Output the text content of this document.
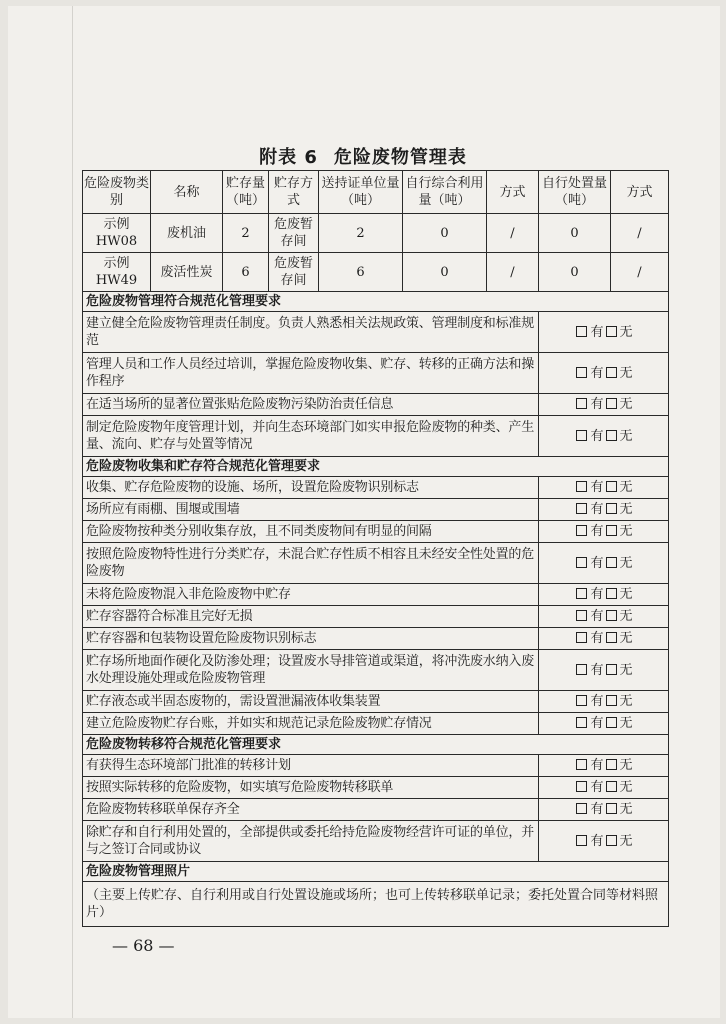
附表 6 危险废物管理表
危险废物类别	名称	贮存量（吨）	贮存方式	送持证单位量（吨）	自行综合利用量（吨）	方式	自行处置量（吨）	方式
示例HW08	废机油	2	危废暂存间	2	0	/	0	/
示例HW49	废活性炭	6	危废暂存间	6	0	/	0	/
危险废物管理符合规范化管理要求								
建立健全危险废物管理责任制度。负责人熟悉相关法规政策、管理制度和标准规范							有 无	
管理人员和工作人员经过培训，掌握危险废物收集、贮存、转移的正确方法和操作程序							有 无	
在适当场所的显著位置张贴危险废物污染防治责任信息							有 无	
制定危险废物年度管理计划，并向生态环境部门如实申报危险废物的种类、产生量、流向、贮存与处置等情况							有 无	
危险废物收集和贮存符合规范化管理要求								
收集、贮存危险废物的设施、场所，设置危险废物识别标志							有 无	
场所应有雨棚、围堰或围墙							有 无	
危险废物按种类分别收集存放，且不同类废物间有明显的间隔							有 无	
按照危险废物特性进行分类贮存，未混合贮存性质不相容且未经安全性处置的危险废物							有 无	
未将危险废物混入非危险废物中贮存							有 无	
贮存容器符合标准且完好无损							有 无	
贮存容器和包装物设置危险废物识别标志							有 无	
贮存场所地面作硬化及防渗处理；设置废水导排管道或渠道，将冲洗废水纳入废水处理设施处理或危险废物管理							有 无	
贮存液态或半固态废物的，需设置泄漏液体收集装置							有 无	
建立危险废物贮存台账，并如实和规范记录危险废物贮存情况							有 无	
危险废物转移符合规范化管理要求								
有获得生态环境部门批准的转移计划							有 无	
按照实际转移的危险废物，如实填写危险废物转移联单							有 无	
危险废物转移联单保存齐全							有 无	
除贮存和自行利用处置的，全部提供或委托给持危险废物经营许可证的单位，并与之签订合同或协议							有 无	
危险废物管理照片								
（主要上传贮存、自行利用或自行处置设施或场所；也可上传转移联单记录；委托处置合同等材料照片）								
— 68 —
